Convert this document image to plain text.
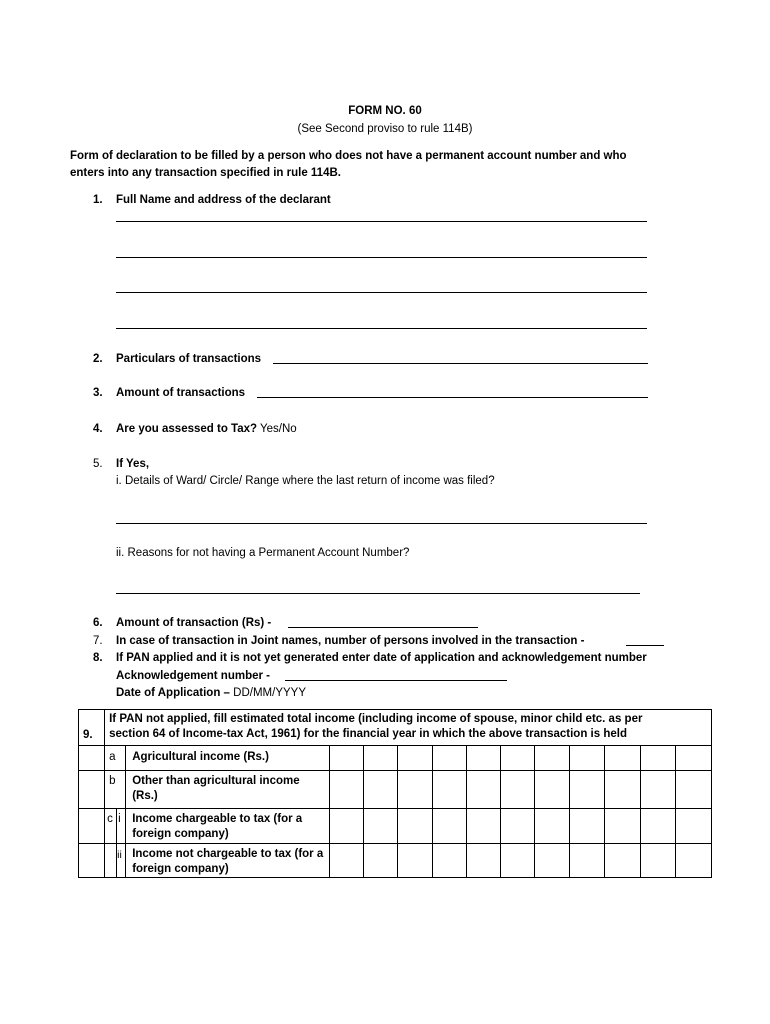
FORM NO. 60
(See Second proviso to rule 114B)
Form of declaration to be filled by a person who does not have a permanent account number and who
enters into any transaction specified in rule 114B.
1. Full Name and address of the declarant
2. Particulars of transactions
3. Amount of transactions
4. Are you assessed to Tax? Yes/No
5. If Yes,
i. Details of Ward/ Circle/ Range where the last return of income was filed?
ii. Reasons for not having a Permanent Account Number?
6. Amount of transaction (Rs) -
7. In case of transaction in Joint names, number of persons involved in the transaction -
8. If PAN applied and it is not yet generated enter date of application and acknowledgement number
Acknowledgement number -
Date of Application – DD/MM/YYYY
9.	If PAN not applied, fill estimated total income (including income of spouse, minor child etc. as per
section 64 of Income-tax Act, 1961) for the financial year in which the above transaction is held													

	a		Agricultural income (Rs.)											
	b		Other than agricultural income (Rs.)											
	c	i	Income chargeable to tax (for a foreign company)											
		ii	Income not chargeable to tax (for a foreign company)											
